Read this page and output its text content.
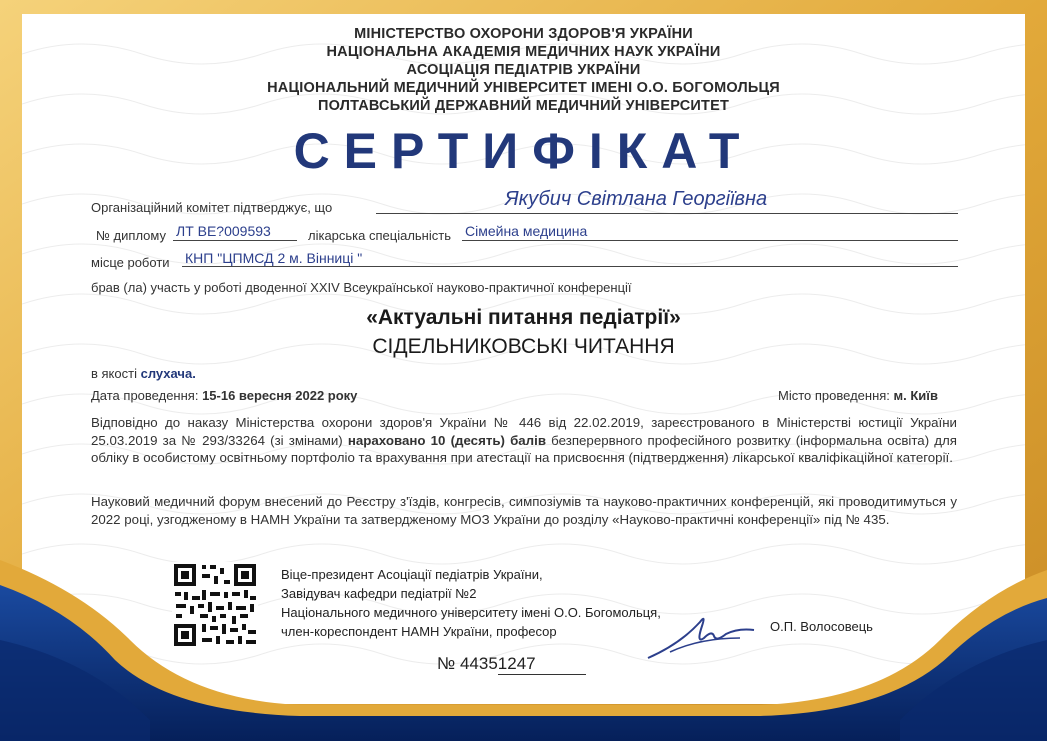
МІНІСТЕРСТВО ОХОРОНИ ЗДОРОВ'Я УКРАЇНИ
НАЦІОНАЛЬНА АКАДЕМІЯ МЕДИЧНИХ НАУК УКРАЇНИ
АСОЦІАЦІЯ ПЕДІАТРІВ УКРАЇНИ
НАЦІОНАЛЬНИЙ МЕДИЧНИЙ УНІВЕРСИТЕТ ІМЕНІ О.О. БОГОМОЛЬЦЯ
ПОЛТАВСЬКИЙ ДЕРЖАВНИЙ МЕДИЧНИЙ УНІВЕРСИТЕТ
СЕРТИФІКАТ
Організаційний комітет підтверджує, що	Якубич Світлана Георгіївна
№ диплому ЛТ ВЕ?009593	лікарська спеціальність Сімейна медицина
місце роботи КНП "ЦПМСД 2 м. Вінниці "
брав (ла) участь у роботі дводенної XXIV Всеукраїнської науково-практичної конференції
«Актуальні питання педіатрії»
СІДЕЛЬНИКОВСЬКІ ЧИТАННЯ
в якості слухача.
Дата проведення: 15-16 вересня 2022 року	Місто проведення: м. Київ
Відповідно до наказу Міністерства охорони здоров'я України № 446 від 22.02.2019, зареєстрованого в Міністерстві юстиції України 25.03.2019 за № 293/33264 (зі змінами) нараховано 10 (десять) балів безперервного професійного розвитку (інформальна освіта) для обліку в особистому освітньому портфоліо та врахування при атестації на присвоєння (підтвердження) лікарської кваліфікаційної категорії.
Науковий медичний форум внесений до Реєстру з'їздів, конгресів, симпозіумів та науково-практичних конференцій, які проводитимуться у 2022 році, узгодженому в НАМН України та затвердженому МОЗ України до розділу «Науково-практичні конференції» під № 435.
Віце-президент Асоціації педіатрів України,
Завідувач кафедри педіатрії №2
Національного медичного університету імені О.О. Богомольця,
член-кореспондент НАМН України, професор	О.П. Волосовець
№ 44351247
